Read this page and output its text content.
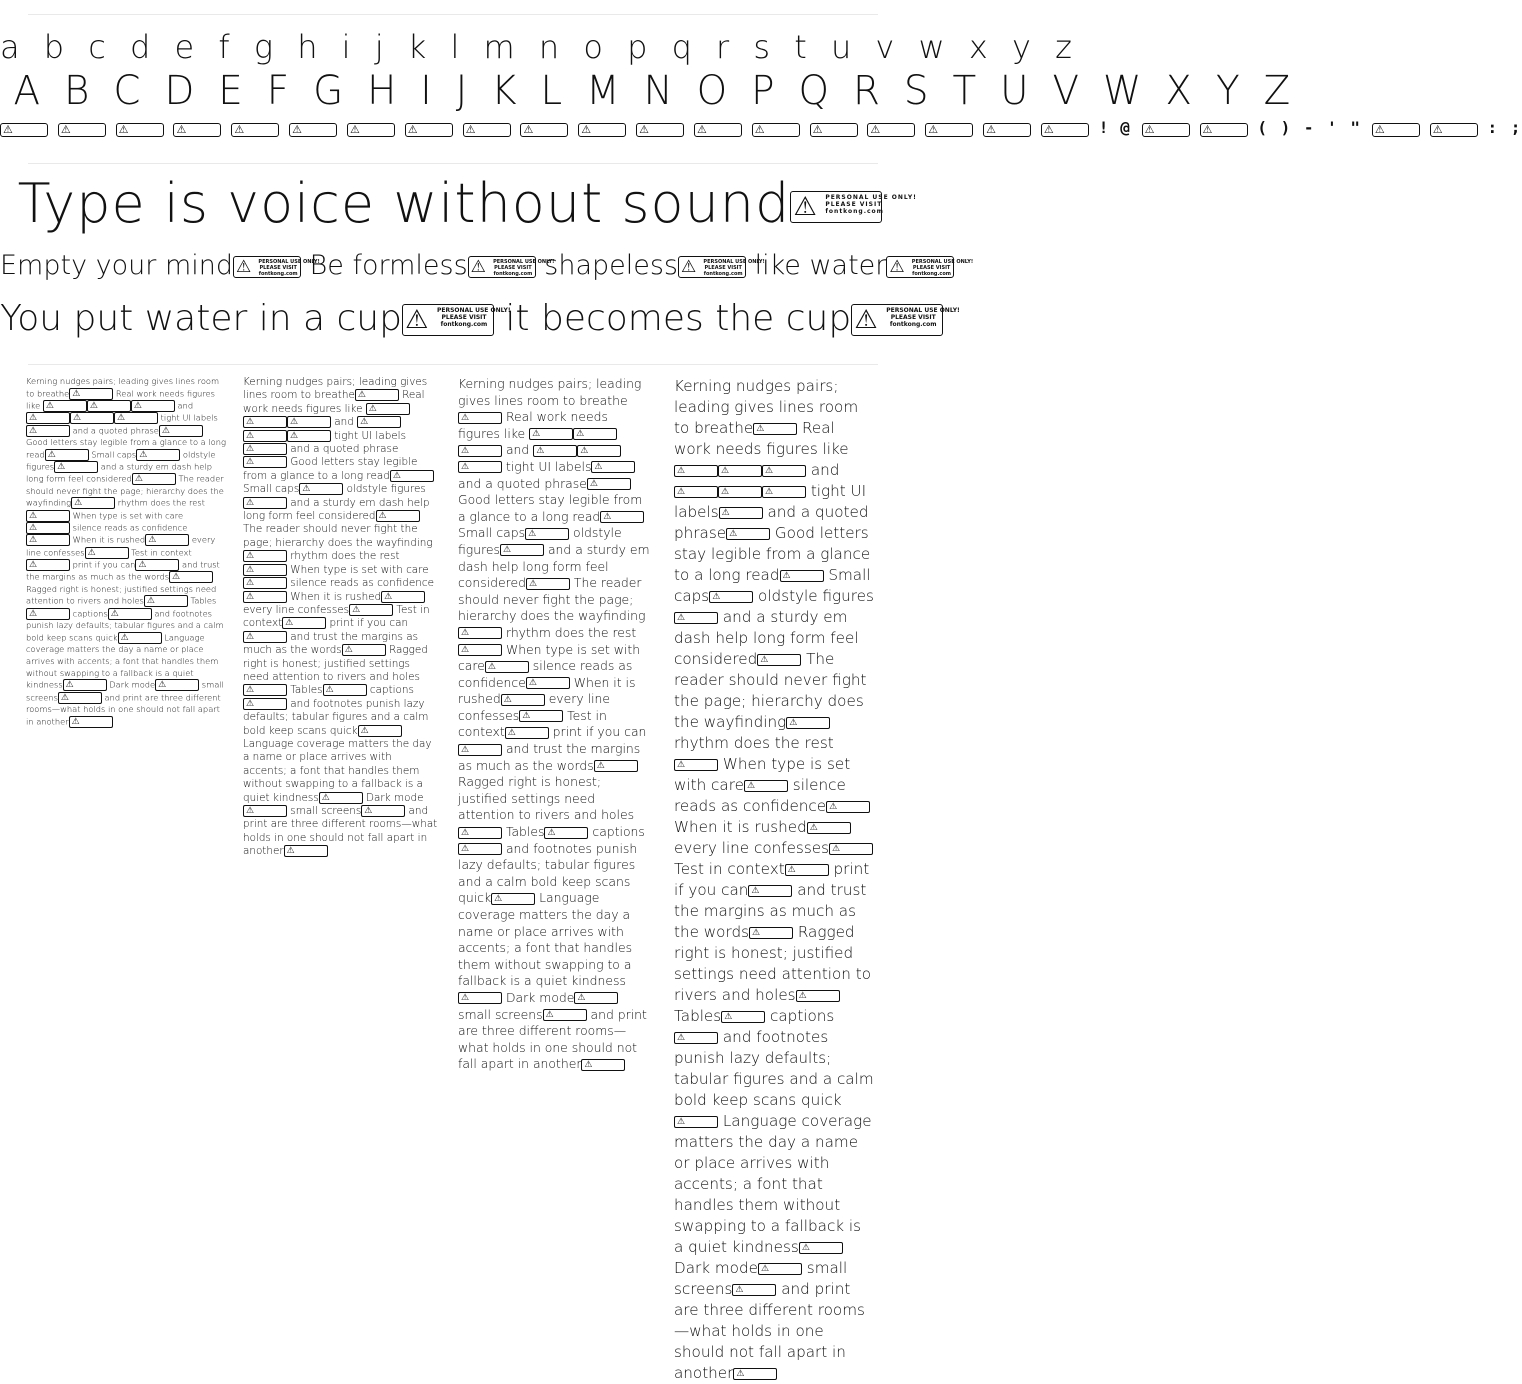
a b c d e f g h i j k l m n o p q r s t u v w x y z
A B C D E F G H I J K L M N O P Q R S T U V W X Y Z
⚠
	⚠
	⚠
	⚠
	⚠
	⚠
	⚠
	⚠
	⚠
	⚠
	⚠
	⚠
	⚠
	⚠
	⚠
	⚠
	⚠
	⚠
	⚠	! @ ⚠
	⚠	( ) - ' " ⚠
	⚠	: ;
Type is voice without sound ⚠ PERSONAL USE ONLY!
PLEASE VISIT
fontkong.com
Empty your mind ⚠ PERSONAL USE ONLY!
PLEASE VISIT
fontkong.com Be formless ⚠ PERSONAL USE ONLY!
PLEASE VISIT
fontkong.com shapeless ⚠ PERSONAL USE ONLY!
PLEASE VISIT
fontkong.com like water ⚠ PERSONAL USE ONLY!
PLEASE VISIT
fontkong.com
You put water in a cup ⚠ PERSONAL USE ONLY!
PLEASE VISIT
fontkong.com it becomes the cup ⚠ PERSONAL USE ONLY!
PLEASE VISIT
fontkong.com
Kerning nudges pairs; leading gives lines room to breathe ⚠	Real work needs figures like ⚠	⚠	⚠	and
⚠	⚠	⚠	tight UI labels
⚠	and a quoted phrase ⚠
Good letters stay legible from a glance to a long read ⚠	Small caps ⚠	oldstyle figures ⚠	and a sturdy em dash help long form feel considered ⚠	The reader should never fight the page; hierarchy does the wayfinding ⚠	rhythm does the rest
⚠	When type is set with care
⚠	silence reads as confidence
⚠	When it is rushed ⚠	every line confesses ⚠	Test in context
⚠	print if you can ⚠	and trust the margins as much as the words ⚠
Ragged right is honest; justified settings need attention to rivers and holes ⚠	Tables
⚠	captions ⚠	and footnotes punish lazy defaults; tabular figures and a calm bold keep scans quick ⚠	Language coverage matters the day a name or place arrives with accents; a font that handles them without swapping to a fallback is a quiet kindness ⚠	Dark mode ⚠	small screens ⚠	and print are three different rooms—what holds in one should not fall apart in another ⚠
Kerning nudges pairs; leading gives lines room to breathe ⚠	Real work needs figures like ⚠
⚠	⚠	and ⚠
⚠	⚠	tight UI labels
⚠	and a quoted phrase
⚠	Good letters stay legible from a glance to a long read ⚠
Small caps ⚠	oldstyle figures
⚠	and a sturdy em dash help long form feel considered ⚠
The reader should never fight the page; hierarchy does the wayfinding
⚠	rhythm does the rest
⚠	When type is set with care
⚠	silence reads as confidence
⚠	When it is rushed ⚠
every line confesses ⚠	Test in context ⚠	print if you can
⚠	and trust the margins as much as the words ⚠	Ragged right is honest; justified settings need attention to rivers and holes
⚠	Tables ⚠	captions
⚠	and footnotes punish lazy defaults; tabular figures and a calm bold keep scans quick ⚠
Language coverage matters the day a name or place arrives with accents; a font that handles them without swapping to a fallback is a quiet kindness ⚠	Dark mode
⚠	small screens ⚠	and print are three different rooms—what holds in one should not fall apart in another ⚠
Kerning nudges pairs; leading gives lines room to breathe
⚠	Real work needs figures like ⚠	⚠
⚠	and ⚠	⚠
⚠	tight UI labels ⚠
and a quoted phrase ⚠
Good letters stay legible from a glance to a long read ⚠
Small caps ⚠	oldstyle figures ⚠	and a sturdy em dash help long form feel considered ⚠	The reader should never fight the page; hierarchy does the wayfinding
⚠	rhythm does the rest
⚠	When type is set with care ⚠	silence reads as confidence ⚠	When it is rushed ⚠	every line confesses ⚠	Test in context ⚠	print if you can
⚠	and trust the margins as much as the words ⚠
Ragged right is honest; justified settings need attention to rivers and holes
⚠	Tables ⚠	captions
⚠	and footnotes punish lazy defaults; tabular figures and a calm bold keep scans quick ⚠	Language coverage matters the day a name or place arrives with accents; a font that handles them without swapping to a fallback is a quiet kindness
⚠	Dark mode ⚠
small screens ⚠	and print are three different rooms—what holds in one should not fall apart in another ⚠
Kerning nudges pairs; leading gives lines room to breathe ⚠ Real work needs figures like
⚠	⚠	⚠ and
⚠	⚠	⚠ tight UI labels ⚠ and a quoted phrase ⚠ Good letters stay legible from a glance to a long read ⚠ Small caps ⚠ oldstyle figures
⚠ and a sturdy em dash help long form feel considered ⚠ The reader should never fight the page; hierarchy does the wayfinding ⚠
rhythm does the rest
⚠ When type is set with care ⚠ silence reads as confidence ⚠
When it is rushed ⚠
every line confesses ⚠
Test in context ⚠ print if you can ⚠ and trust the margins as much as the words ⚠ Ragged right is honest; justified settings need attention to rivers and holes ⚠
Tables ⚠ captions
⚠ and footnotes punish lazy defaults; tabular figures and a calm bold keep scans quick
⚠ Language coverage matters the day a name or place arrives with accents; a font that handles them without swapping to a fallback is a quiet kindness ⚠
Dark mode ⚠ small screens ⚠ and print are three different rooms—what holds in one should not fall apart in another ⚠
